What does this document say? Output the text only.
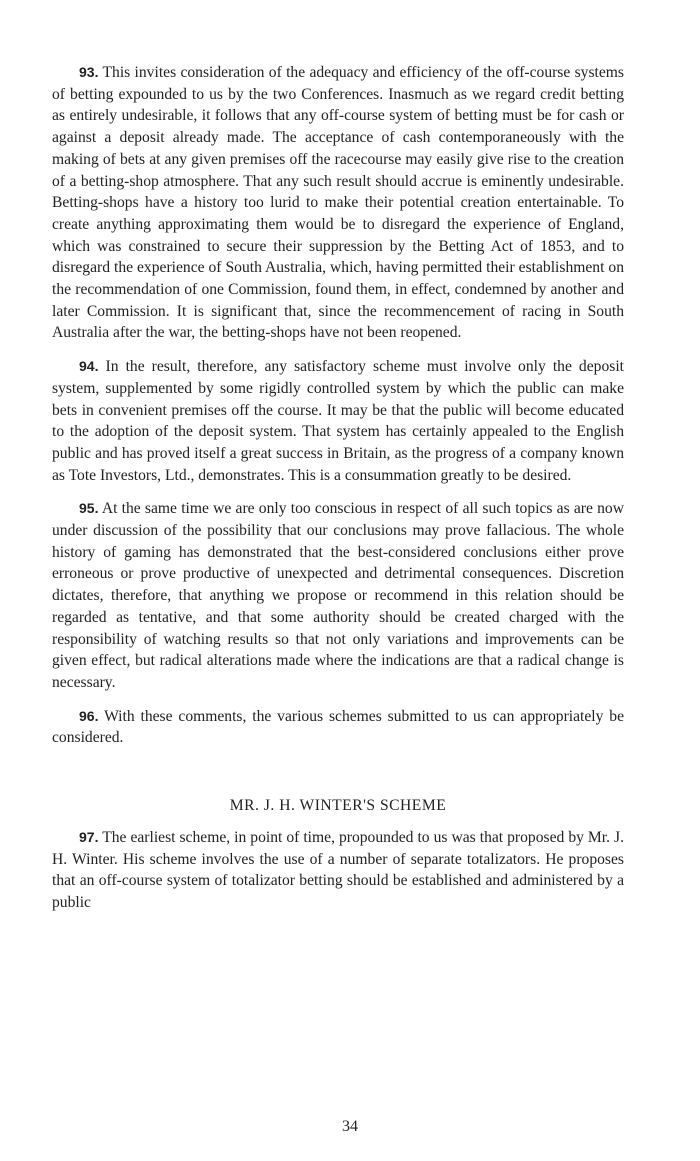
93. This invites consideration of the adequacy and efficiency of the off-course systems of betting expounded to us by the two Conferences. Inasmuch as we regard credit betting as entirely undesirable, it follows that any off-course system of betting must be for cash or against a deposit already made. The acceptance of cash contemporaneously with the making of bets at any given premises off the racecourse may easily give rise to the creation of a betting-shop atmosphere. That any such result should accrue is eminently undesirable. Betting-shops have a history too lurid to make their potential creation entertainable. To create anything approximating them would be to disregard the experience of England, which was constrained to secure their suppression by the Betting Act of 1853, and to disregard the experience of South Australia, which, having permitted their establishment on the recommendation of one Commission, found them, in effect, condemned by another and later Commission. It is significant that, since the recommencement of racing in South Australia after the war, the betting-shops have not been reopened.

94. In the result, therefore, any satisfactory scheme must involve only the deposit system, supplemented by some rigidly controlled system by which the public can make bets in convenient premises off the course. It may be that the public will become educated to the adoption of the deposit system. That system has certainly appealed to the English public and has proved itself a great success in Britain, as the progress of a company known as Tote Investors, Ltd., demonstrates. This is a consummation greatly to be desired.

95. At the same time we are only too conscious in respect of all such topics as are now under discussion of the possibility that our conclusions may prove fallacious. The whole history of gaming has demonstrated that the best-considered conclusions either prove erroneous or prove productive of unexpected and detrimental consequences. Discretion dictates, therefore, that anything we propose or recommend in this relation should be regarded as tentative, and that some authority should be created charged with the responsibility of watching results so that not only variations and improvements can be given effect, but radical alterations made where the indications are that a radical change is necessary.

96. With these comments, the various schemes submitted to us can appropriately be considered.

MR. J. H. WINTER'S SCHEME

97. The earliest scheme, in point of time, propounded to us was that proposed by Mr. J. H. Winter. His scheme involves the use of a number of separate totalizators. He proposes that an off-course system of totalizator betting should be established and administered by a public

34
